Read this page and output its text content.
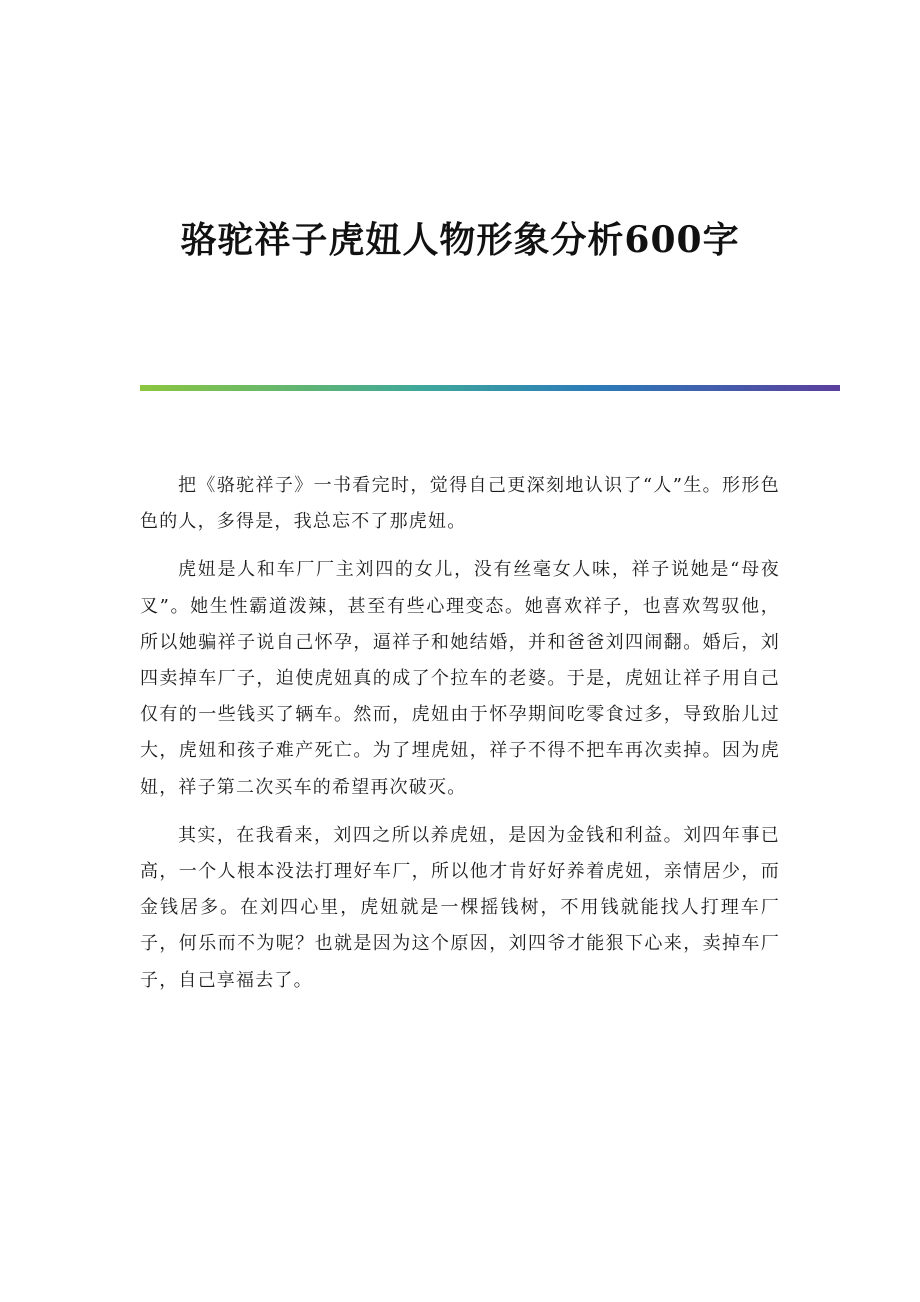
骆驼祥子虎妞人物形象分析600字

把《骆驼祥子》一书看完时，觉得自己更深刻地认识了“人”生。形形色色的人，多得是，我总忘不了那虎妞。

虎妞是人和车厂厂主刘四的女儿，没有丝毫女人味，祥子说她是“母夜叉”。她生性霸道泼辣，甚至有些心理变态。她喜欢祥子，也喜欢驾驭他，所以她骗祥子说自己怀孕，逼祥子和她结婚，并和爸爸刘四闹翻。婚后，刘四卖掉车厂子，迫使虎妞真的成了个拉车的老婆。于是，虎妞让祥子用自己仅有的一些钱买了辆车。然而，虎妞由于怀孕期间吃零食过多，导致胎儿过大，虎妞和孩子难产死亡。为了埋虎妞，祥子不得不把车再次卖掉。因为虎妞，祥子第二次买车的希望再次破灭。

其实，在我看来，刘四之所以养虎妞，是因为金钱和利益。刘四年事已高，一个人根本没法打理好车厂，所以他才肯好好养着虎妞，亲情居少，而金钱居多。在刘四心里，虎妞就是一棵摇钱树，不用钱就能找人打理车厂子，何乐而不为呢？也就是因为这个原因，刘四爷才能狠下心来，卖掉车厂子，自己享福去了。
